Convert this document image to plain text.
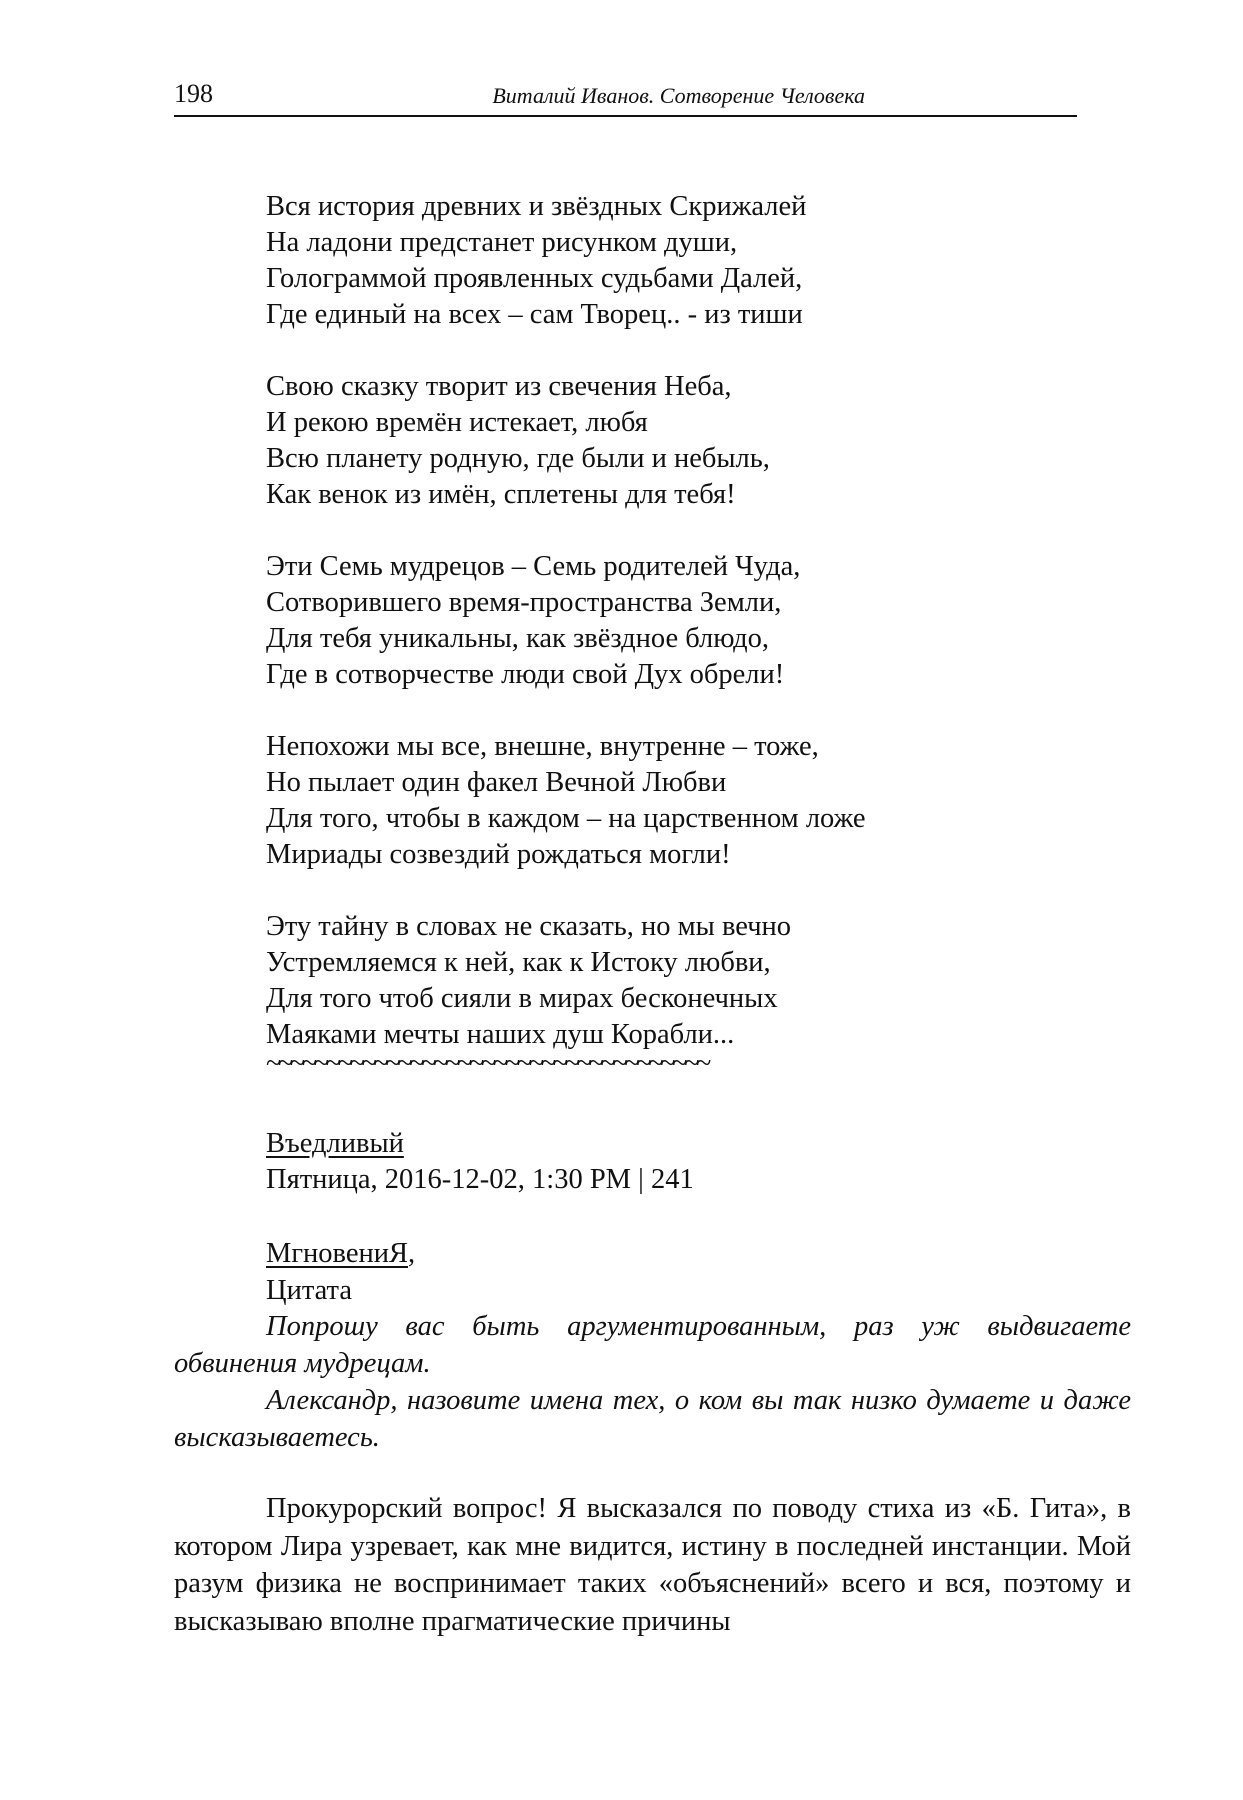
198	Виталий Иванов. Сотворение Человека
Вся история древних и звёздных Скрижалей
На ладони предстанет рисунком души,
Голограммой проявленных судьбами Далей,
Где единый на всех – сам Творец.. - из тиши
Свою сказку творит из свечения Неба,
И рекою времён истекает, любя
Всю планету родную, где были и небыль,
Как венок из имён, сплетены для тебя!
Эти Семь мудрецов – Семь родителей Чуда,
Сотворившего время-пространства Земли,
Для тебя уникальны, как звёздное блюдо,
Где в сотворчестве люди свой Дух обрели!
Непохожи мы все, внешне, внутренне – тоже,
Но пылает один факел Вечной Любви
Для того, чтобы в каждом – на царственном ложе
Мириады созвездий рождаться могли!
Эту тайну в словах не сказать, но мы вечно
Устремляемся к ней, как к Истоку любви,
Для того чтоб сияли в мирах бесконечных
Маяками мечты наших душ Корабли...
~~~~~~~~~~~~~~~~~~~~~~~~~~~~~~~~~~~~~
Въедливый
Пятница, 2016-12-02, 1:30 PM | 241
МгновениЯ,
Цитата

Попрошу вас быть аргументированным, раз уж выдвигаете обвинения мудрецам.

Александр, назовите имена тех, о ком вы так низко думаете и даже высказываетесь.

Прокурорский вопрос! Я высказался по поводу стиха из «Б. Гита», в котором Лира узревает, как мне видится, истину в последней инстанции. Мой разум физика не воспринимает таких «объяснений» всего и вся, поэтому и высказываю вполне прагматические причины
